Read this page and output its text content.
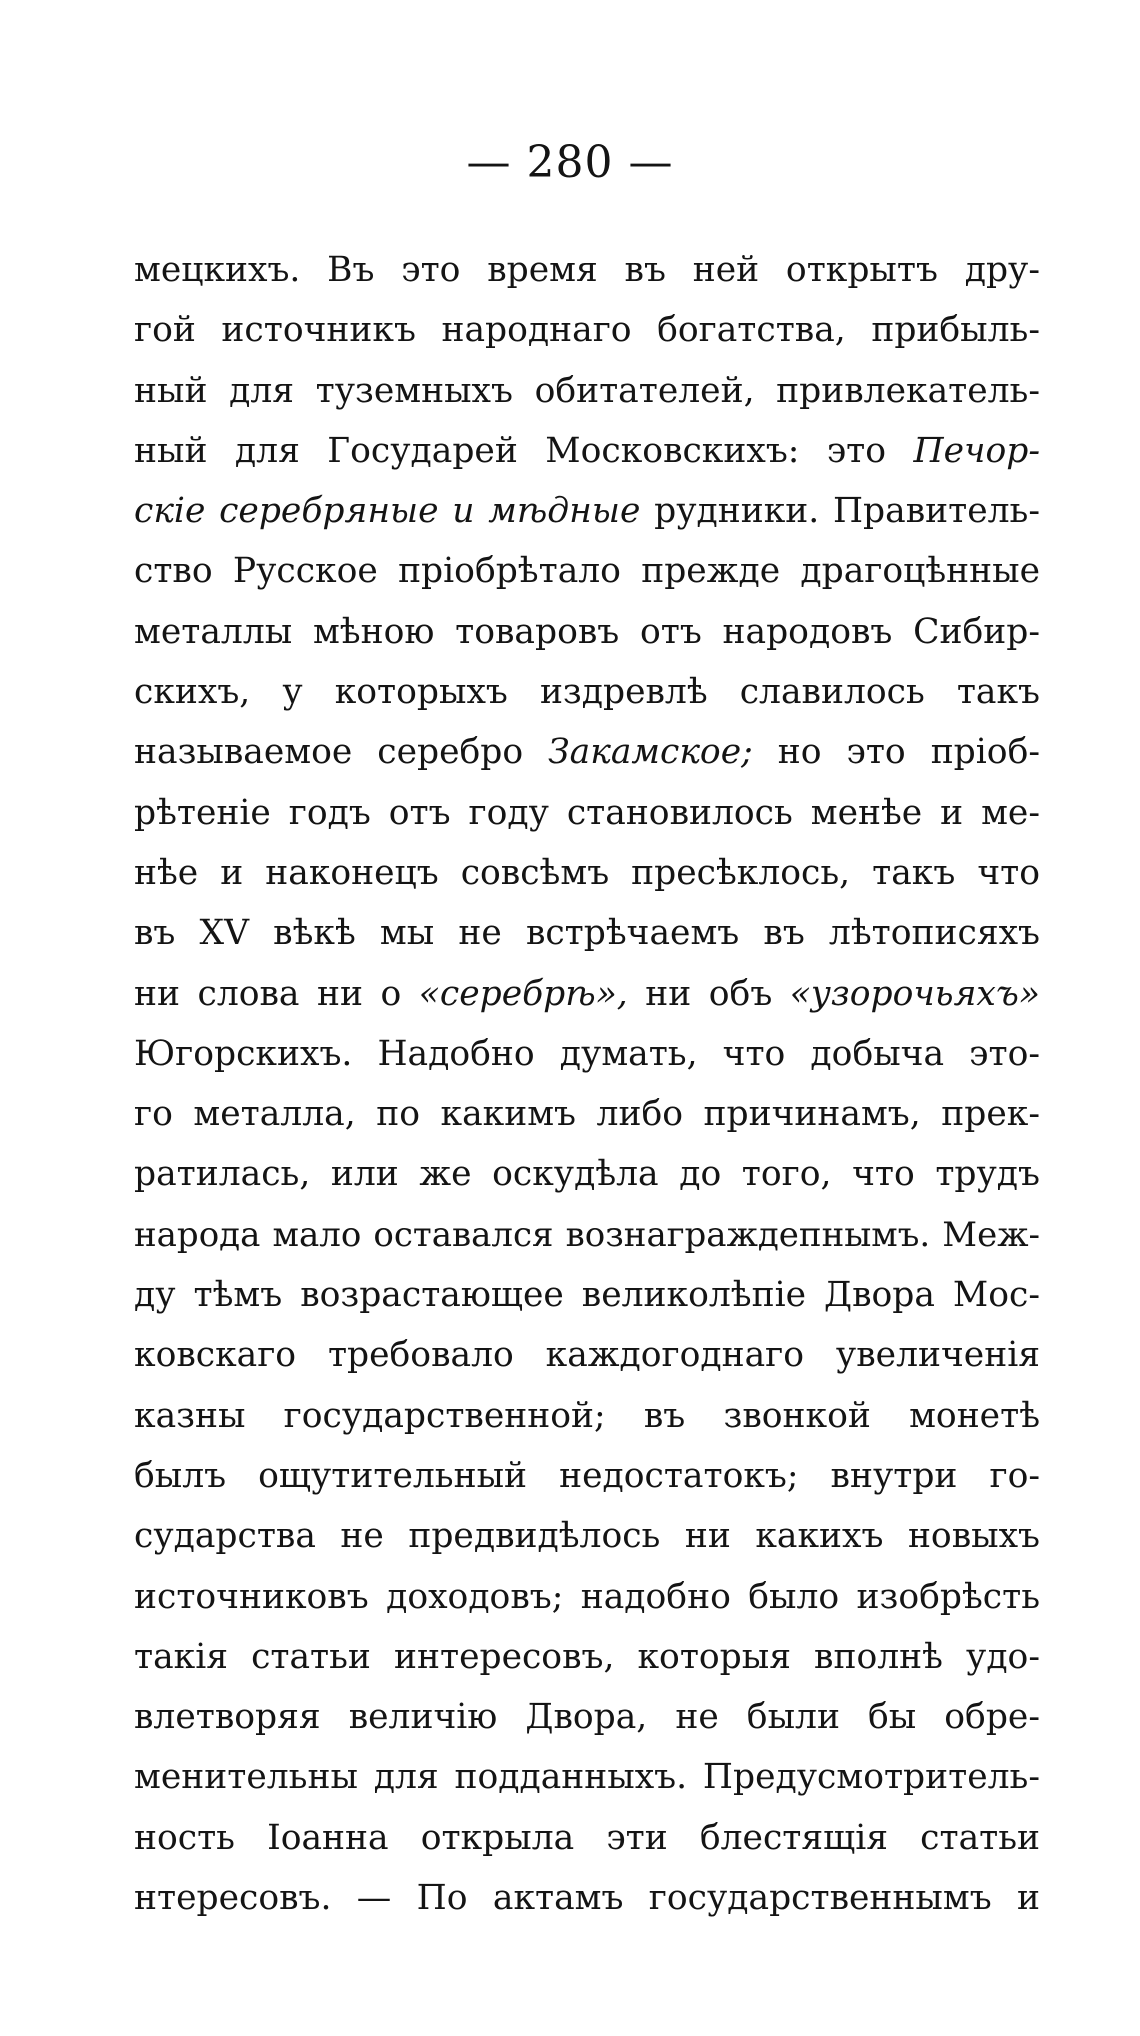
— 280 —
мецкихъ. Въ это время въ ней открытъ дру-
гой источникъ народнаго богатства, прибыль-
ный для туземныхъ обитателей, привлекатель-
ный для Государей Московскихъ: это Печор-
скіе серебряные и мѣдные рудники. Правитель-
ство Русское пріобрѣтало прежде драгоцѣнные
металлы мѣною товаровъ отъ народовъ Сибир-
скихъ, у которыхъ издревлѣ славилось такъ
называемое серебро Закамское; но это пріоб-
рѣтеніе годъ отъ году становилось менѣе и ме-
нѣе и наконецъ совсѣмъ пресѣклось, такъ что
въ XV вѣкѣ мы не встрѣчаемъ въ лѣтописяхъ
ни слова ни о «серебрѣ», ни объ «узорочьяхъ»
Югорскихъ. Надобно думать, что добыча это-
го металла, по какимъ либо причинамъ, прек-
ратилась, или же оскудѣла до того, что трудъ
народа мало оставался вознаграждепнымъ. Меж-
ду тѣмъ возрастающее великолѣпіе Двора Мос-
ковскаго требовало каждогоднаго увеличенія
казны государственной; въ звонкой монетѣ
былъ ощутительный недостатокъ; внутри го-
сударства не предвидѣлось ни какихъ новыхъ
источниковъ доходовъ; надобно было изобрѣсть
такія статьи интересовъ, которыя вполнѣ удо-
влетворяя величію Двора, не были бы обре-
менительны для подданныхъ. Предусмотритель-
ность Іоанна открыла эти блестящія статьи
нтересовъ. — По актамъ государственнымъ и
